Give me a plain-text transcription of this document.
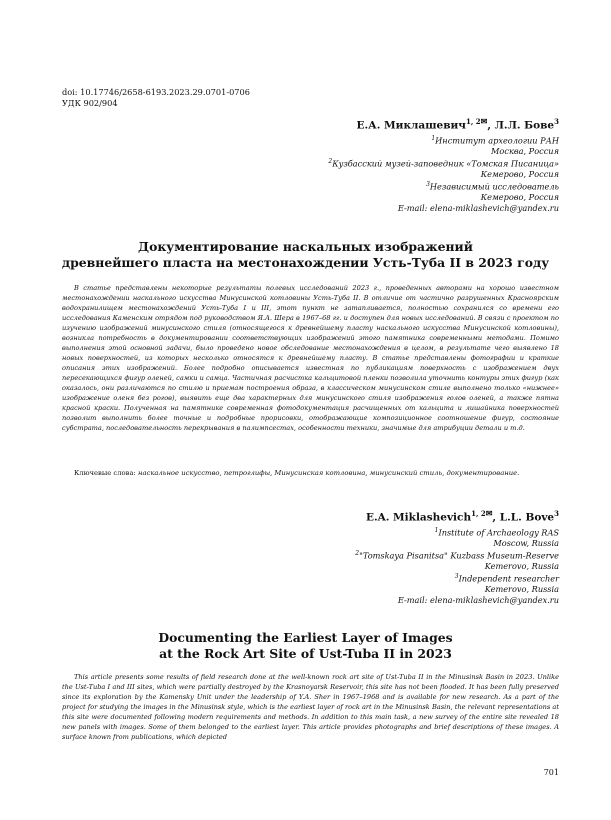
doi: 10.17746/2658-6193.2023.29.0701-0706
УДК 902/904
Е.А. Миклашевич$^{1, 2✉}$, Л.Л. Бове$^3$
$^1$Институт археологии РАН
Москва, Россия
$^2$Кузбасский музей-заповедник «Томская Писаница»
Кемерово, Россия
$^3$Независимый исследователь
Кемерово, Россия
E-mail: elena-miklashevich@yandex.ru
Документирование наскальных изображений
древнейшего пласта на местонахождении Усть-Туба II в 2023 году
В статье представлены некоторые результаты полевых исследований 2023 г., проведенных авторами на хорошо известном местонахождении наскального искусства Минусинской котловины Усть-Туба II. В отличие от частично разрушенных Красноярским водохранилищем местонахождений Усть-Туба I и III, этот пункт не затапливается, полностью сохранился со времени его исследования Каменским отрядом под руководством Я.А. Шера в 1967–68 гг. и доступен для новых исследований. В связи с проектом по изучению изображений минусинского стиля (относящегося к древнейшему пласту наскального искусства Минусинской котловины), возникла потребность в документировании соответствующих изображений этого памятника современными методами. Помимо выполнения этой основной задачи, было проведено новое обследование местонахождения в целом, в результате чего выявлено 18 новых поверхностей, из которых несколько относятся к древнейшему пласту. В статье представлены фотографии и краткие описания этих изображений. Более подробно описывается известная по публикациям поверхность с изображением двух пересекающихся фигур оленей, самки и самца. Частичная расчистка кальцитовой пленки позволила уточнить контуры этих фигур (как оказалось, они различаются по стилю и приемам построения образа, в классическом минусинском стиле выполнено только «нижнее» изображение оленя без рогов), выявить еще два характерных для минусинского стиля изображения голов оленей, а также пятна красной краски. Полученная на памятнике современная фотодокументация расчищенных от кальцита и лишайника поверхностей позволит выполнить более точные и подробные прорисовки, отображающие композиционное соотношение фигур, состояние субстрата, последовательность перекрывания в палимпсестах, особенности техники, значимые для атрибуции детали и т.д.
Ключевые слова: наскальное искусство, петроглифы, Минусинская котловина, минусинский стиль, документирование.
E.A. Miklashevich$^{1, 2✉}$, L.L. Bove$^3$
$^1$Institute of Archaeology RAS
Moscow, Russia
$^2$"Tomskaya Pisanitsa" Kuzbass Museum-Reserve
Kemerovo, Russia
$^3$Independent researcher
Kemerovo, Russia
E-mail: elena-miklashevich@yandex.ru
Documenting the Earliest Layer of Images
at the Rock Art Site of Ust-Tuba II in 2023
This article presents some results of field research done at the well-known rock art site of Ust-Tuba II in the Minusinsk Basin in 2023. Unlike the Ust-Tuba I and III sites, which were partially destroyed by the Krasnoyarsk Reservoir, this site has not been flooded. It has been fully preserved since its exploration by the Kamensky Unit under the leadership of Y.A. Sher in 1967–1968 and is available for new research. As a part of the project for studying the images in the Minusinsk style, which is the earliest layer of rock art in the Minusinsk Basin, the relevant representations at this site were documented following modern requirements and methods. In addition to this main task, a new survey of the entire site revealed 18 new panels with images. Some of them belonged to the earliest layer. This article provides photographs and brief descriptions of these images. A surface known from publications, which depicted
701
